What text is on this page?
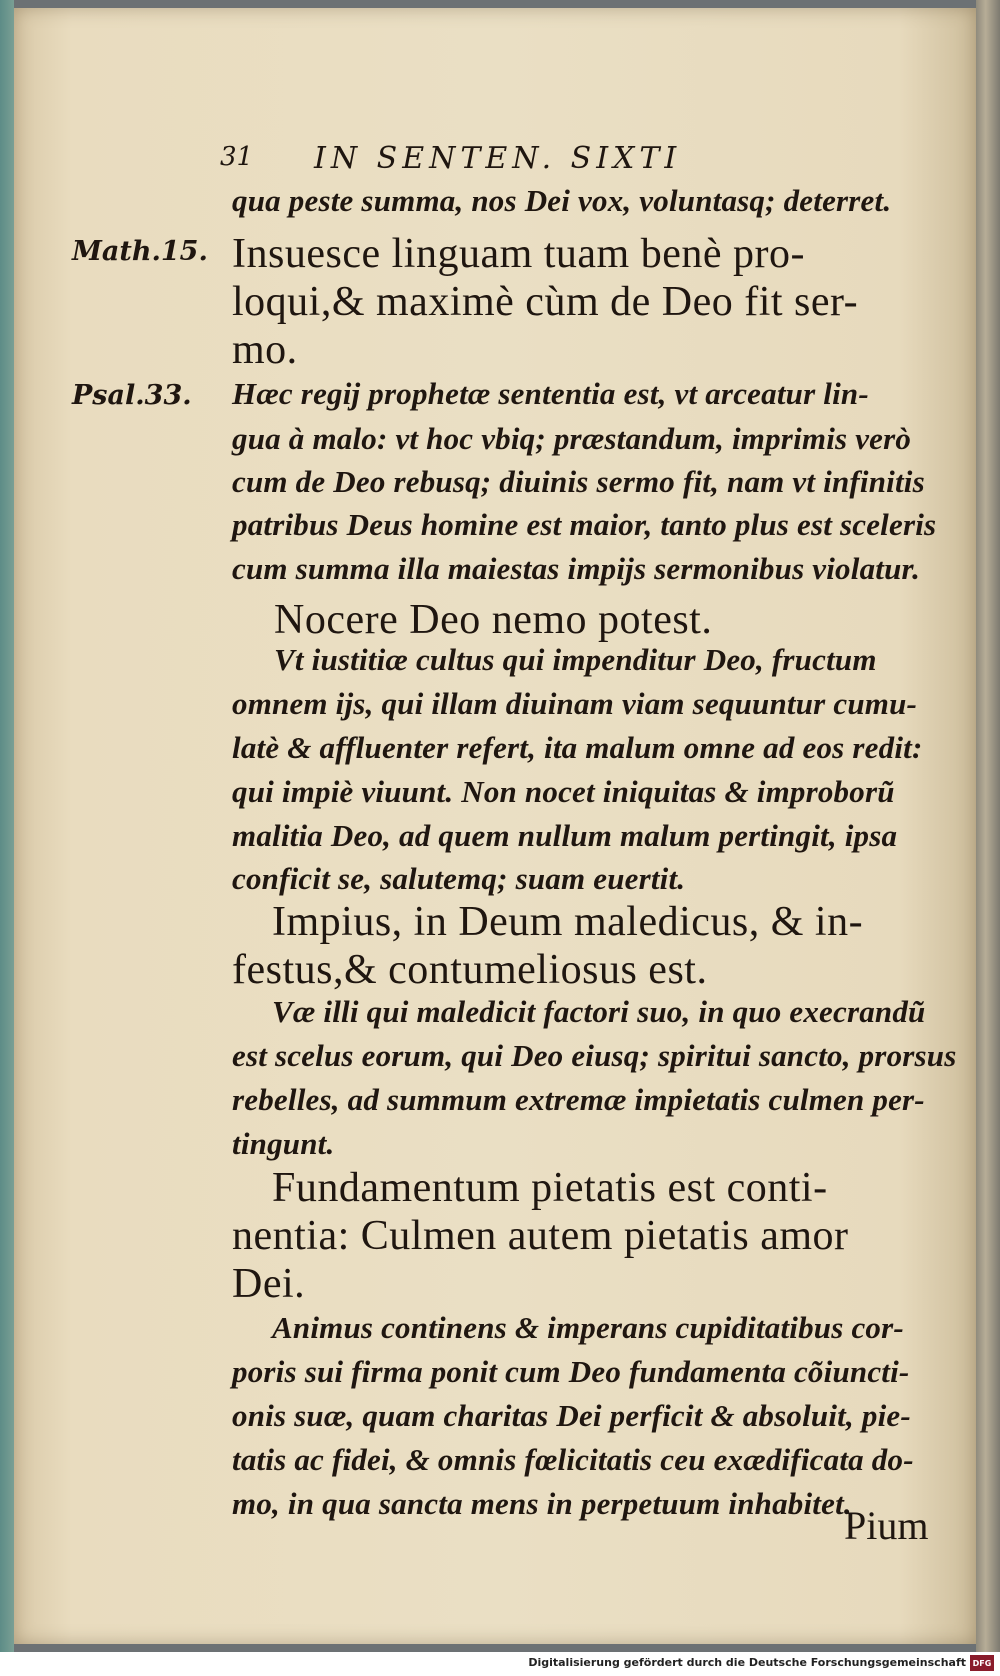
31 IN SENTEN. SIXTI
Math.15.
Psal.33.
qua peste summa, nos Dei vox, voluntasq; deterret.
Insuesce linguam tuam benè pro-
loqui,& maximè cùm de Deo fit ser-
mo.
Hæc regij prophetæ sententia est, vt arceatur lin-
gua à malo: vt hoc vbiq; præstandum, imprimis verò
cum de Deo rebusq; diuinis sermo fit, nam vt infinitis
patribus Deus homine est maior, tanto plus est sceleris
cum summa illa maiestas impijs sermonibus violatur.
Nocere Deo nemo potest.
Vt iustitiæ cultus qui impenditur Deo, fructum
omnem ijs, qui illam diuinam viam sequuntur cumu-
latè & affluenter refert, ita malum omne ad eos redit:
qui impiè viuunt. Non nocet iniquitas & improborũ
malitia Deo, ad quem nullum malum pertingit, ipsa
conficit se, salutemq; suam euertit.
Impius, in Deum maledicus, & in-
festus,& contumeliosus est.
Væ illi qui maledicit factori suo, in quo execrandũ
est scelus eorum, qui Deo eiusq; spiritui sancto, prorsus
rebelles, ad summum extremæ impietatis culmen per-
tingunt.
Fundamentum pietatis est conti-
nentia: Culmen autem pietatis amor
Dei.
Animus continens & imperans cupiditatibus cor-
poris sui firma ponit cum Deo fundamenta cõiuncti-
onis suæ, quam charitas Dei perficit & absoluit, pie-
tatis ac fidei, & omnis fœlicitatis ceu exædificata do-
mo, in qua sancta mens in perpetuum inhabitet.
Pium
Digitalisierung gefördert durch die Deutsche Forschungsgemeinschaft DFG
